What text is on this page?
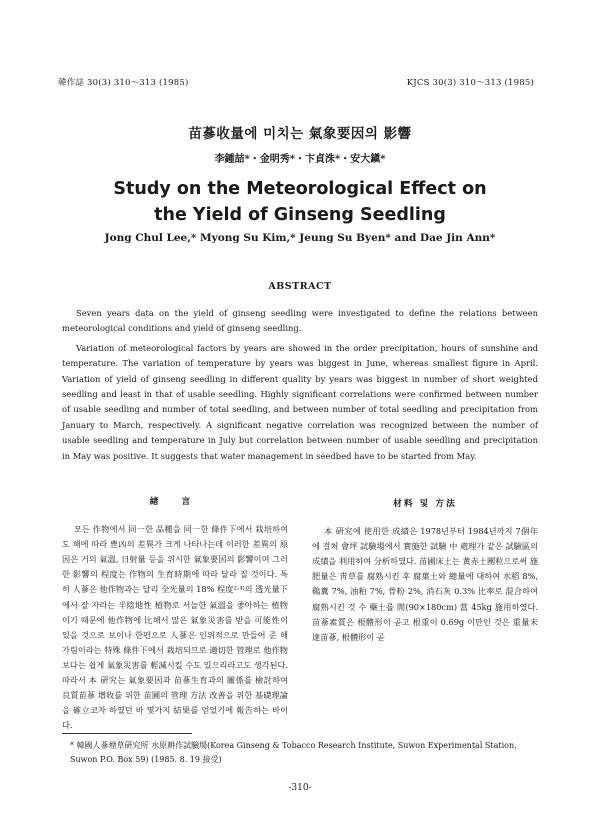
韓作誌 30(3) 310〜313 (1985)	KJCS 30(3) 310〜313 (1985)
苗蔘收量에 미치는 氣象要因의 影響
李鍾喆*・金明秀*・卞貞洙*・安大鎭*
Study on the Meteorological Effect on
the Yield of Ginseng Seedling
Jong Chul Lee,* Myong Su Kim,* Jeung Su Byen* and Dae Jin Ann*
ABSTRACT

Seven years data on the yield of ginseng seedling were investigated to define the relations between meteorological conditions and yield of ginseng seedling.

Variation of meteorological factors by years are showed in the order precipitation, hours of sunshine and temperature. The variation of temperature by years was biggest in June, whereas smallest figure in April. Variation of yield of ginseng seedling in different quality by years was biggest in number of short weighted seedling and least in that of usable seedling. Highly significant correlations were confirmed between number of usable seedling and number of total seedling, and between number of total seedling and precipitation from January to March, respectively. A significant negative correlation was recognized between the number of usable seedling and temperature in July but correlation between number of usable seedling and precipitation in May was positive. It suggests that water management in seedbed have to be started from May.

緖 言

모든 作物에서 同一한 品種을 同一한 條件下에서 栽培하여도 해에 따라 豊凶의 差異가 크게 나타나는데 이러한 差異의 原因은 거의 氣溫, 日射量 등을 위시한 氣象要因의 影響이며 그러한 影響의 程度는 作物의 生育時期에 따라 달라 질 것이다. 특히 人蔘은 他作物과는 달리 全光量의 18% 程度²·⁴⁾의 透光量下에서 잘 자라는 半陰地性 植物로 서늘한 氣溫을 좋아하는 植物이기 때문에 他作物에 比해서 많은 氣象災害를 받을 可能性이 있을 것으로 보이나 한편으로 人蔘은 인위적으로 만들어 준 해가림이라는 特殊 條件下에서 栽培되므로 適切한 管理로 他作物 보다는 쉽게 氣象災害를 輕減시킬 수도 있으리라고도 생각된다. 따라서 本 硏究는 氣象要因과 苗蔘生育과의 關係를 檢討하여 良質苗蔘 增收를 위한 苗圃의 管理 方法 改善을 위한 基礎理論을 確立코자 하였던 바 몇가지 結果를 얻었기에 報告하는 바이다.

材料 및 方法

本 硏究에 使用한 成績은 1978년부터 1984년까지 7個年에 걸쳐 會坪 試驗場에서 實施한 試驗 中 處理가 같은 試驗區의 成績을 利用하여 分析하였다. 苗圃床土는 黃赤土團粒으로써 施肥量은 靑草를 腐熟시킨 후 腐葉土와 總量에 대하여 水稻 8%, 鷄糞 7%, 油粕 7%, 骨粉 2%, 消石灰 0.3% 比率로 混合하여 腐熟시킨 것 수 藥土를 閒(90×180cm) 當 45kg 施用하였다. 苗蔘素質은 根體形이 곧고 根重이 0.69g 이만인 것은 重量未達苗蔘, 根體形이 곧

* 韓國人蔘煙草硏究所 水原耕作試驗場(Korea Ginseng & Tobacco Research Institute, Suwon Experimental Station, Suwon P.O. Box 59) (1985. 8. 19 接受)
-310-
